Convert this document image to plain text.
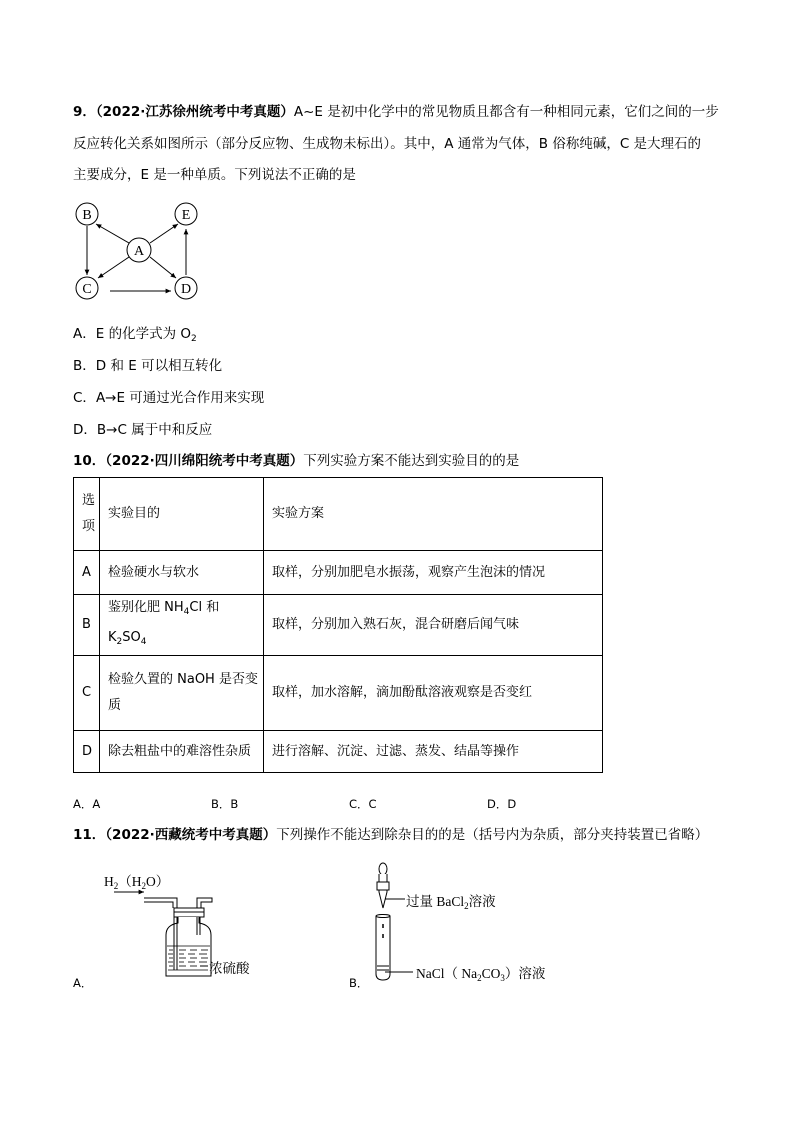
9．（2022·江苏徐州统考中考真题）A~E 是初中化学中的常见物质且都含有一种相同元素，它们之间的一步
反应转化关系如图所示（部分反应物、生成物未标出）。其中，A 通常为气体，B 俗称纯碱，C 是大理石的
主要成分，E 是一种单质。下列说法不正确的是
B	E
A
C	D
A．E 的化学式为 $O_2$
B．D 和 E 可以相互转化
C．A→E 可通过光合作用来实现
D．B→C 属于中和反应
10．（2022·四川绵阳统考中考真题）下列实验方案不能达到实验目的的是
选
项	实验目的	实验方案
A	检验硬水与软水	取样，分别加肥皂水振荡，观察产生泡沫的情况
B	鉴别化肥 $NH_4Cl$ 和 $K_2SO_4$	取样，分别加入熟石灰，混合研磨后闻气味
C	检验久置的 NaOH 是否变
质	取样，加水溶解，滴加酚酞溶液观察是否变红
D	除去粗盐中的难溶性杂质	进行溶解、沉淀、过滤、蒸发、结晶等操作
A．A	B．B	C．C	D．D
11．（2022·西藏统考中考真题）下列操作不能达到除杂目的的是（括号内为杂质，部分夹持装置已省略）
$H_2(H_2O)$
浓硫酸
A．
过量 BaCl$_2$溶液
NaCl（ $Na_2CO_3$）溶液
B．
